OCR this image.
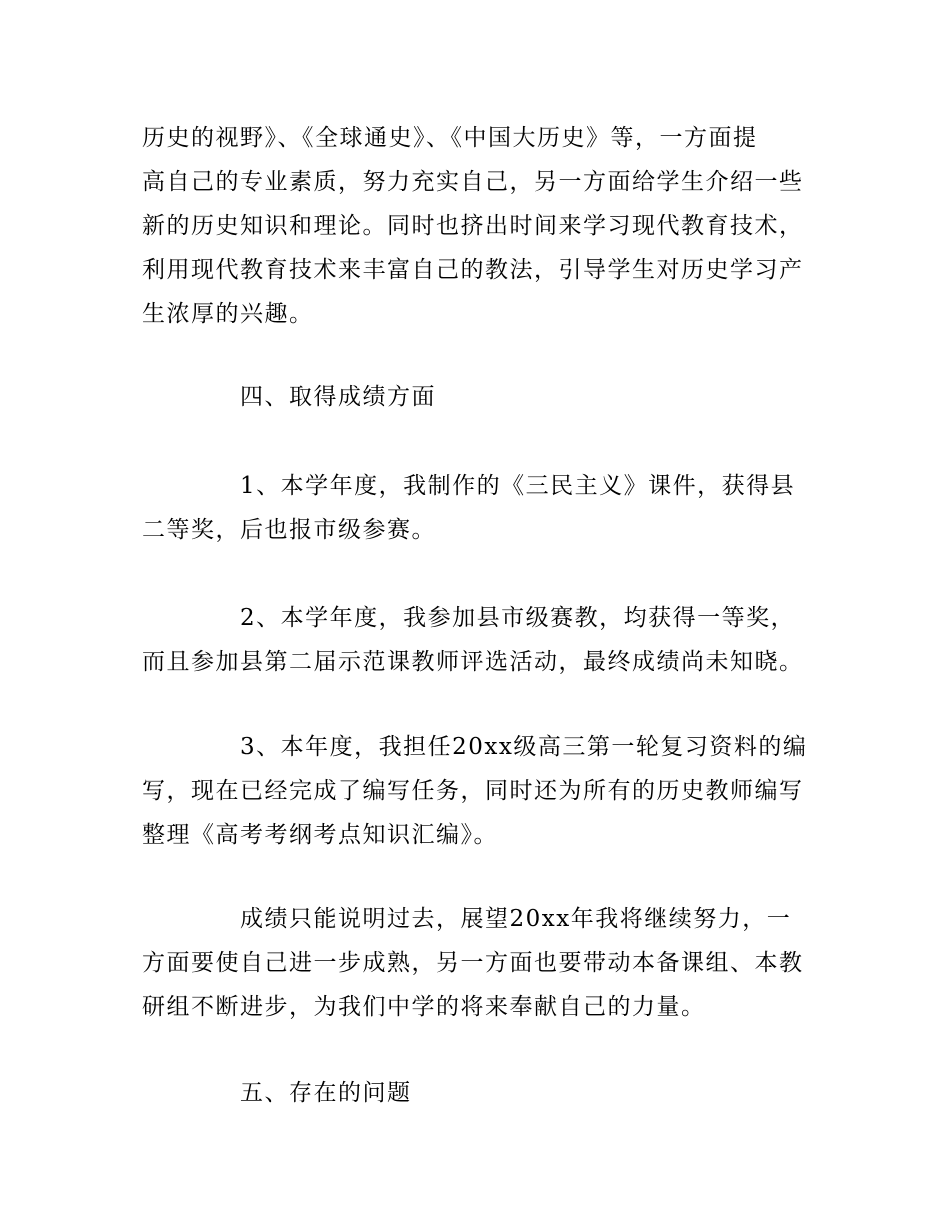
历史的视野》、《全球通史》、《中国大历史》等，一方面提

高自己的专业素质，努力充实自己，另一方面给学生介绍一些

新的历史知识和理论。同时也挤出时间来学习现代教育技术，

利用现代教育技术来丰富自己的教法，引导学生对历史学习产

生浓厚的兴趣。

四、取得成绩方面

1、本学年度，我制作的《三民主义》课件，获得县

二等奖，后也报市级参赛。

2、本学年度，我参加县市级赛教，均获得一等奖，

而且参加县第二届示范课教师评选活动，最终成绩尚未知晓。

3、本年度，我担任20xx级高三第一轮复习资料的编

写，现在已经完成了编写任务，同时还为所有的历史教师编写

整理《高考考纲考点知识汇编》。

成绩只能说明过去，展望20xx年我将继续努力，一

方面要使自己进一步成熟，另一方面也要带动本备课组、本教

研组不断进步，为我们中学的将来奉献自己的力量。

五、存在的问题
